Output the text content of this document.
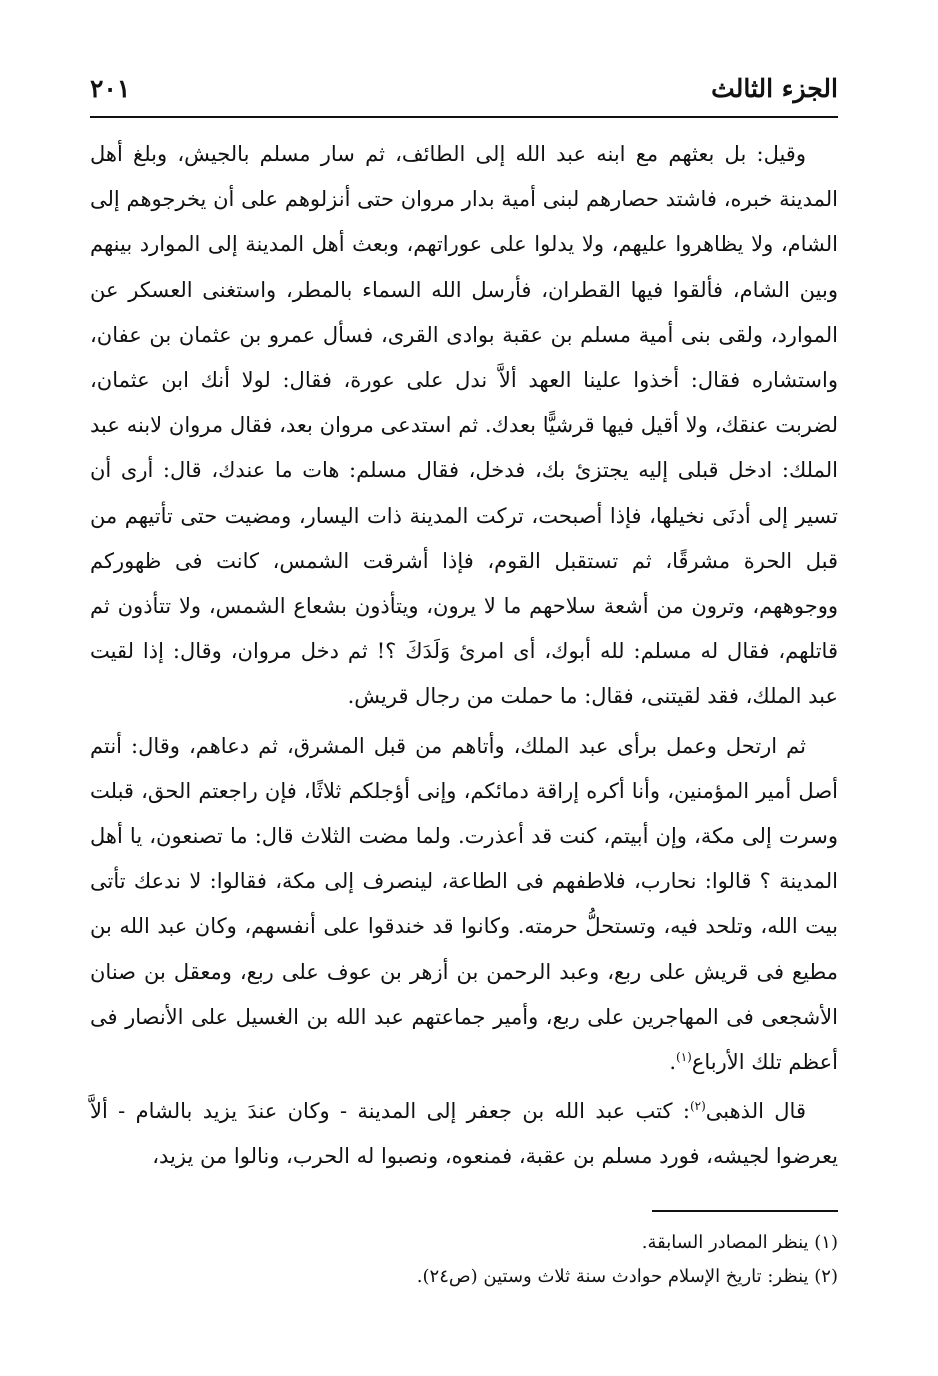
الجزء الثالث
٢٠١

وقيل: بل بعثهم مع ابنه عبد الله إلى الطائف، ثم سار مسلم بالجيش، وبلغ أهل المدينة خبره، فاشتد حصارهم لبنى أمية بدار مروان حتى أنزلوهم على أن يخرجوهم إلى الشام، ولا يظاهروا عليهم، ولا يدلوا على عوراتهم، وبعث أهل المدينة إلى الموارد بينهم وبين الشام، فألقوا فيها القطران، فأرسل الله السماء بالمطر، واستغنى العسكر عن الموارد، ولقى بنى أمية مسلم بن عقبة بوادى القرى، فسأل عمرو بن عثمان بن عفان، واستشاره فقال: أخذوا علينا العهد ألاَّ ندل على عورة، فقال: لولا أنك ابن عثمان، لضربت عنقك، ولا أقيل فيها قرشيًّا بعدك. ثم استدعى مروان بعد، فقال مروان لابنه عبد الملك: ادخل قبلى إليه يجتزئ بك، فدخل، فقال مسلم: هات ما عندك، قال: أرى أن تسير إلى أدنَى نخيلها، فإذا أصبحت، تركت المدينة ذات اليسار، ومضيت حتى تأتيهم من قبل الحرة مشرقًا، ثم تستقبل القوم، فإذا أشرقت الشمس، كانت فى ظهوركم ووجوههم، وترون من أشعة سلاحهم ما لا يرون، ويتأذون بشعاع الشمس، ولا تتأذون ثم قاتلهم، فقال له مسلم: لله أبوك، أى امرئ وَلَدَكَ ؟! ثم دخل مروان، وقال: إذا لقيت عبد الملك، فقد لقيتنى، فقال: ما حملت من رجال قريش.

ثم ارتحل وعمل برأى عبد الملك، وأتاهم من قبل المشرق، ثم دعاهم، وقال: أنتم أصل أمير المؤمنين، وأنا أكره إراقة دمائكم، وإنى أؤجلكم ثلاثًا، فإن راجعتم الحق، قبلت وسرت إلى مكة، وإن أبيتم، كنت قد أعذرت. ولما مضت الثلاث قال: ما تصنعون، يا أهل المدينة ؟ قالوا: نحارب، فلاطفهم فى الطاعة، لينصرف إلى مكة، فقالوا: لا ندعك تأتى بيت الله، وتلحد فيه، وتستحلُّ حرمته. وكانوا قد خندقوا على أنفسهم، وكان عبد الله بن مطيع فى قريش على ربع، وعبد الرحمن بن أزهر بن عوف على ربع، ومعقل بن صنان الأشجعى فى المهاجرين على ربع، وأمير جماعتهم عبد الله بن الغسيل على الأنصار فى أعظم تلك الأرباع$^{(١)}$.

قال الذهبى$^{(٢)}$: كتب عبد الله بن جعفر إلى المدينة - وكان عندَ يزيد بالشام - ألاَّ يعرضوا لجيشه، فورد مسلم بن عقبة، فمنعوه، ونصبوا له الحرب، ونالوا من يزيد،

(١) ينظر المصادر السابقة.

(٢) ينظر: تاريخ الإسلام حوادث سنة ثلاث وستين (ص٢٤).
